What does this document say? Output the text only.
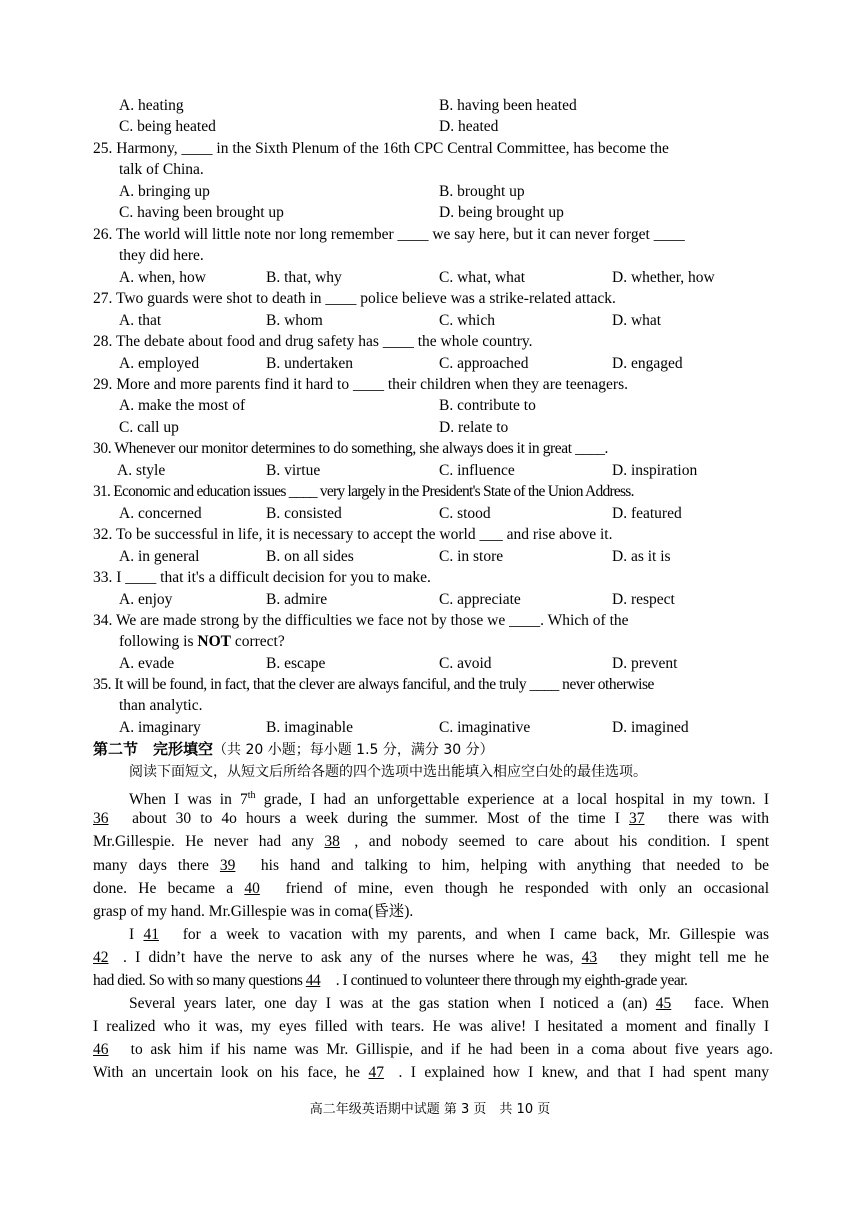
A. heating	B. having been heated
C. being heated	D. heated
25. Harmony, ____ in the Sixth Plenum of the 16th CPC Central Committee, has become the
talk of China.
A. bringing up	B. brought up
C. having been brought up	D. being brought up
26. The world will little note nor long remember ____ we say here, but it can never forget ____
they did here.
A. when, how	B. that, why	C. what, what	D. whether, how
27. Two guards were shot to death in ____ police believe was a strike-related attack.
A. that	B. whom	C. which	D. what
28. The debate about food and drug safety has ____ the whole country.
A. employed	B. undertaken	C. approached	D. engaged
29. More and more parents find it hard to ____ their children when they are teenagers.
A. make the most of	B. contribute to
C. call up	D. relate to
30. Whenever our monitor determines to do something, she always does it in great ____.
A. style	B. virtue	C. influence	D. inspiration
31. Economic and education issues ____ very largely in the President's State of the Union Address.
A. concerned	B. consisted	C. stood	D. featured
32. To be successful in life, it is necessary to accept the world ___ and rise above it.
A. in general	B. on all sides	C. in store	D. as it is
33. I ____ that it's a difficult decision for you to make.
A. enjoy	B. admire	C. appreciate	D. respect
34. We are made strong by the difficulties we face not by those we ____. Which of the
following is NOT correct?
A. evade	B. escape	C. avoid	D. prevent
35. It will be found, in fact, that the clever are always fanciful, and the truly ____ never otherwise
than analytic.
A. imaginary	B. imaginable	C. imaginative	D. imagined
第二节　完形填空（共 20 小题；每小题 1.5 分，满分 30 分）
阅读下面短文，从短文后所给各题的四个选项中选出能填入相应空白处的最佳选项。
When I was in 7th grade, I had an unforgettable experience at a local hospital in my town. I
36 about 30 to 4o hours a week during the summer. Most of the time I 37 there was with
Mr.Gillespie. He never had any 38 , and nobody seemed to care about his condition. I spent
many days there 39 his hand and talking to him, helping with anything that needed to be
done. He became a 40 friend of mine, even though he responded with only an occasional
grasp of my hand. Mr.Gillespie was in coma(昏迷).
I 41 for a week to vacation with my parents, and when I came back, Mr. Gillespie was
42 . I didn’t have the nerve to ask any of the nurses where he was, 43 they might tell me he
had died. So with so many questions 44 . I continued to volunteer there through my eighth-grade year.
Several years later, one day I was at the gas station when I noticed a (an) 45 face. When
I realized who it was, my eyes filled with tears. He was alive! I hesitated a moment and finally I
46 to ask him if his name was Mr. Gillispie, and if he had been in a coma about five years ago.
With an uncertain look on his face, he 47 . I explained how I knew, and that I had spent many
高二年级英语期中试题 第 3 页　共 10 页
